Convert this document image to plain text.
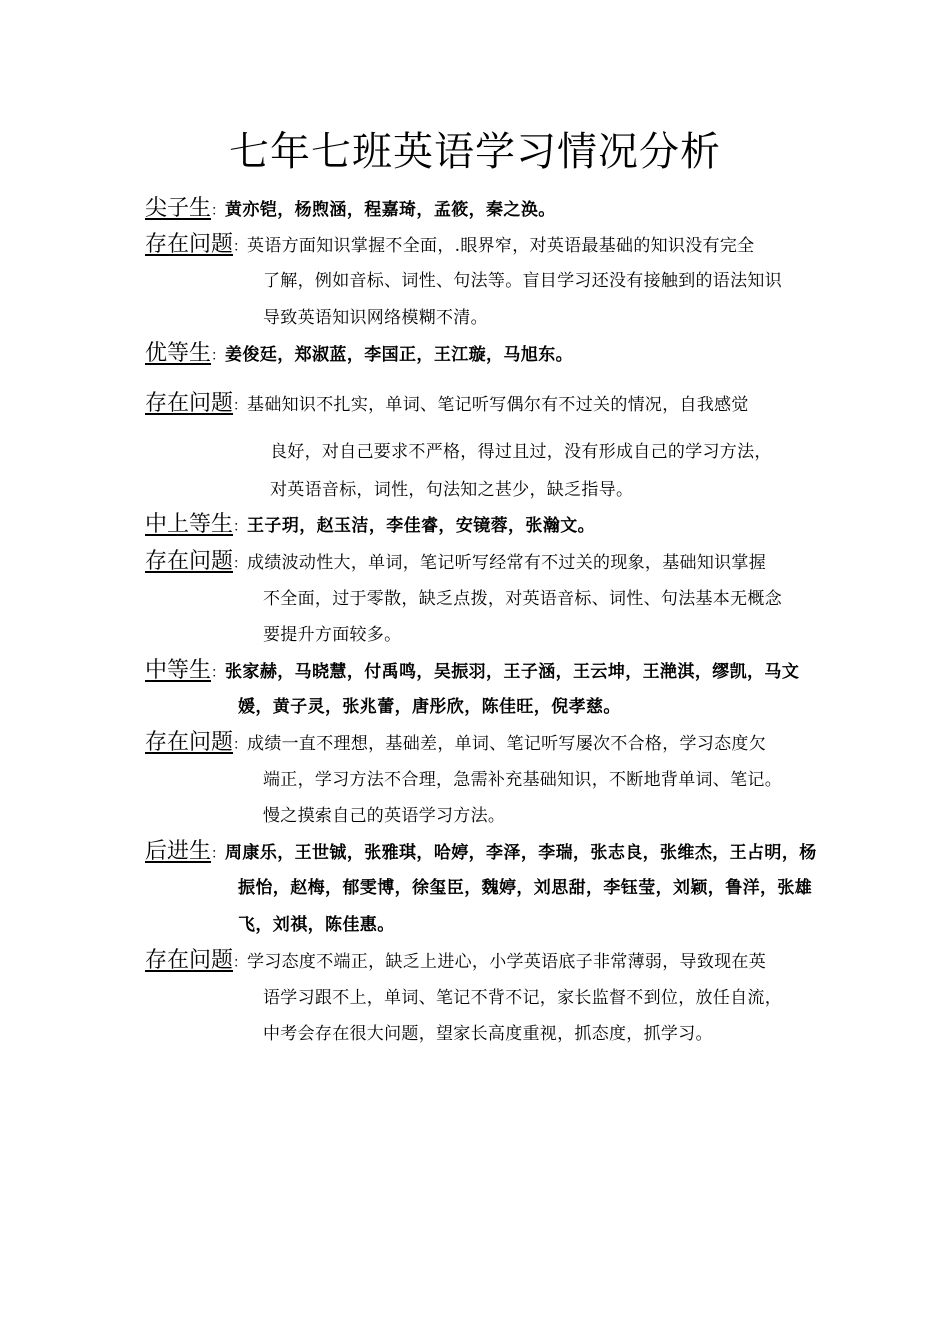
七年七班英语学习情况分析
尖子生：黄亦铠，杨煦涵，程嘉琦，孟筱，秦之涣。
存在问题：英语方面知识掌握不全面，.眼界窄，对英语最基础的知识没有完全
了解，例如音标、词性、句法等。盲目学习还没有接触到的语法知识
导致英语知识网络模糊不清。
优等生：姜俊廷，郑淑蓝，李国正，王江璇，马旭东。
存在问题：基础知识不扎实，单词、笔记听写偶尔有不过关的情况，自我感觉
良好，对自己要求不严格，得过且过，没有形成自己的学习方法，
对英语音标，词性，句法知之甚少，缺乏指导。
中上等生：王子玥，赵玉洁，李佳睿，安镜蓉，张瀚文。
存在问题：成绩波动性大，单词，笔记听写经常有不过关的现象，基础知识掌握
不全面，过于零散，缺乏点拨，对英语音标、词性、句法基本无概念
要提升方面较多。
中等生：张家赫，马晓慧，付禹鸣，吴振羽，王子涵，王云坤，王滟淇，缪凯，马文
媛，黄子灵，张兆蕾，唐彤欣，陈佳旺，倪孝慈。
存在问题：成绩一直不理想，基础差，单词、笔记听写屡次不合格，学习态度欠
端正，学习方法不合理，急需补充基础知识，不断地背单词、笔记。
慢之摸索自己的英语学习方法。
后进生：周康乐，王世铖，张雅琪，哈婷，李泽，李瑞，张志良，张维杰，王占明，杨
振怡，赵梅，郁雯博，徐玺臣，魏婷，刘思甜，李钰莹，刘颖，鲁洋，张雄
飞，刘祺，陈佳惠。
存在问题：学习态度不端正，缺乏上进心，小学英语底子非常薄弱，导致现在英
语学习跟不上，单词、笔记不背不记，家长监督不到位，放任自流，
中考会存在很大问题，望家长高度重视，抓态度，抓学习。
